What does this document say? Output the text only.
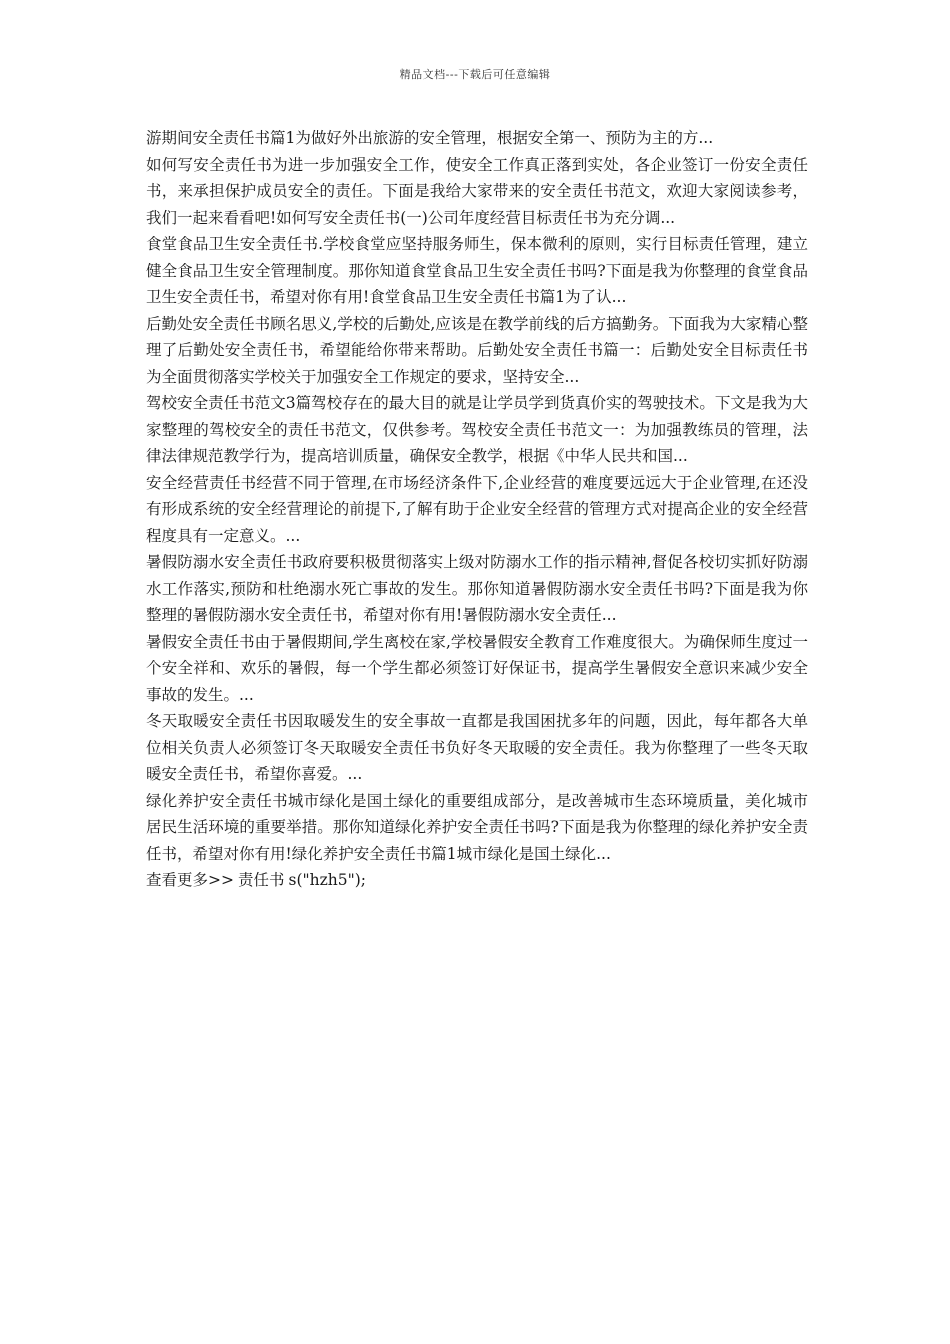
精品文档---下载后可任意编辑

游期间安全责任书篇1为做好外出旅游的安全管理，根据安全第一、预防为主的方...

如何写安全责任书为进一步加强安全工作，使安全工作真正落到实处，各企业签订一份安全责任书，来承担保护成员安全的责任。下面是我给大家带来的安全责任书范文，欢迎大家阅读参考，我们一起来看看吧!如何写安全责任书(一)公司年度经营目标责任书为充分调...

食堂食品卫生安全责任书.学校食堂应坚持服务师生，保本微利的原则，实行目标责任管理，建立健全食品卫生安全管理制度。那你知道食堂食品卫生安全责任书吗?下面是我为你整理的食堂食品卫生安全责任书，希望对你有用!食堂食品卫生安全责任书篇1为了认...

后勤处安全责任书顾名思义,学校的后勤处,应该是在教学前线的后方搞勤务。下面我为大家精心整理了后勤处安全责任书，希望能给你带来帮助。后勤处安全责任书篇一：后勤处安全目标责任书为全面贯彻落实学校关于加强安全工作规定的要求，坚持安全...

驾校安全责任书范文3篇驾校存在的最大目的就是让学员学到货真价实的驾驶技术。下文是我为大家整理的驾校安全的责任书范文，仅供参考。驾校安全责任书范文一：为加强教练员的管理，法律法律规范教学行为，提高培训质量，确保安全教学，根据《中华人民共和国...

安全经营责任书经营不同于管理,在市场经济条件下,企业经营的难度要远远大于企业管理,在还没有形成系统的安全经营理论的前提下,了解有助于企业安全经营的管理方式对提高企业的安全经营程度具有一定意义。...

暑假防溺水安全责任书政府要积极贯彻落实上级对防溺水工作的指示精神,督促各校切实抓好防溺水工作落实,预防和杜绝溺水死亡事故的发生。那你知道暑假防溺水安全责任书吗?下面是我为你整理的暑假防溺水安全责任书，希望对你有用!暑假防溺水安全责任...

暑假安全责任书由于暑假期间,学生离校在家,学校暑假安全教育工作难度很大。为确保师生度过一个安全祥和、欢乐的暑假，每一个学生都必须签订好保证书，提高学生暑假安全意识来减少安全事故的发生。...

冬天取暖安全责任书因取暖发生的安全事故一直都是我国困扰多年的问题，因此，每年都各大单位相关负责人必须签订冬天取暖安全责任书负好冬天取暖的安全责任。我为你整理了一些冬天取暖安全责任书，希望你喜爱。...

绿化养护安全责任书城市绿化是国土绿化的重要组成部分，是改善城市生态环境质量，美化城市居民生活环境的重要举措。那你知道绿化养护安全责任书吗?下面是我为你整理的绿化养护安全责任书，希望对你有用!绿化养护安全责任书篇1城市绿化是国土绿化...

查看更多>> 责任书 s("hzh5");
